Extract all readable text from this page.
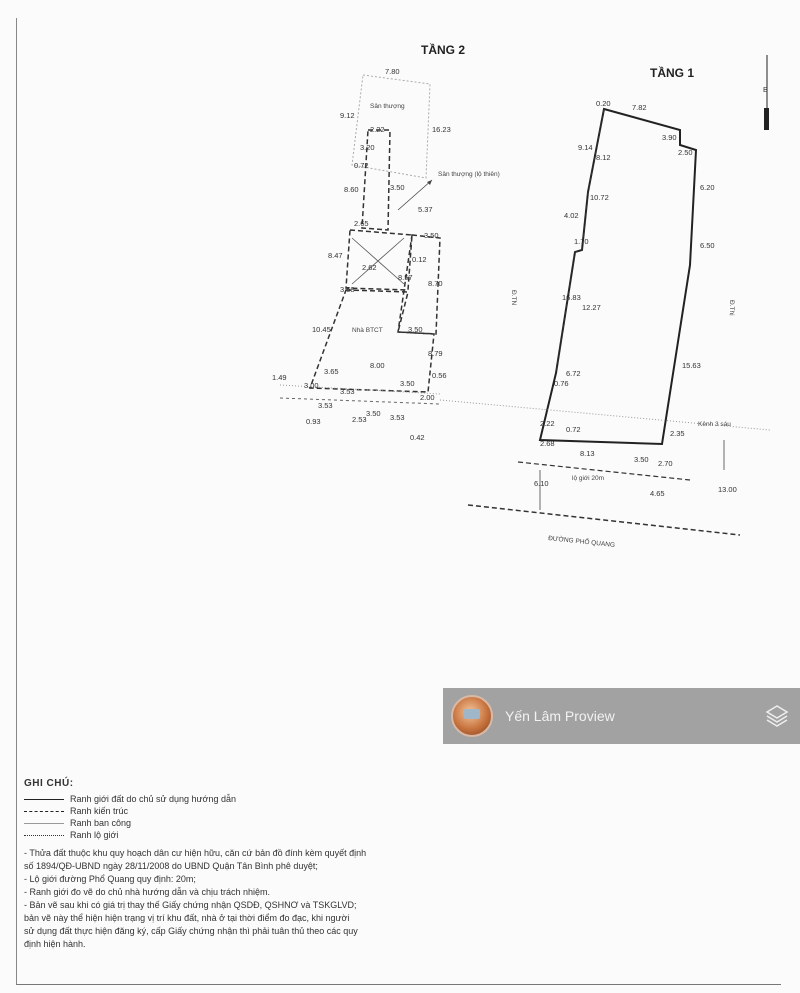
TẦNG 2
TẦNG 1
B
Sân thượng
Sân thượng (lộ thiên)
Nhà BTCT
7.80
9.12
16.23
2.22
3.20
0.72
3.50
8.60
2.65
5.37
3.50
8.47
3.58
0.12
8.57
8.70
2.62
3.50
10.45
8.79
3.65
8.00
3.50
0.56
1.49
3.00
3.53
2.00
3.53
3.50 3.53
0.42
0.93	2.53
Đ.TN
Đ.Thị
Kênh 3 sáu
lộ giới 20m
ĐƯỜNG PHỔ QUANG
0.20	7.82
3.90
2.50
9.14
8.12
6.20
4.02
10.72
1.70	6.50
16.83
12.27
0.76
6.72
15.63
2.22
2.68
0.72	2.35
8.13
3.50 2.70
6.10
4.65	13.00
GHI CHÚ:
Ranh giới đất do chủ sử dụng hướng dẫn
Ranh kiến trúc
Ranh ban công
Ranh lộ giới
- Thửa đất thuộc khu quy hoạch dân cư hiện hữu, căn cứ bản đồ đính kèm quyết định
số 1894/QĐ-UBND ngày 28/11/2008 do UBND Quận Tân Bình phê duyệt;
- Lộ giới đường Phổ Quang quy định: 20m;
- Ranh giới đo vẽ do chủ nhà hướng dẫn và chịu trách nhiệm.
- Bản vẽ sau khi có giá trị thay thế Giấy chứng nhận QSDĐ, QSHNƠ và TSKGLVD;
bản vẽ này thể hiện hiện trạng vị trí khu đất, nhà ở tại thời điểm đo đạc, khi người
sử dụng đất thực hiện đăng ký, cấp Giấy chứng nhận thì phải tuân thủ theo các quy
định hiện hành.
Yến Lâm Proview
